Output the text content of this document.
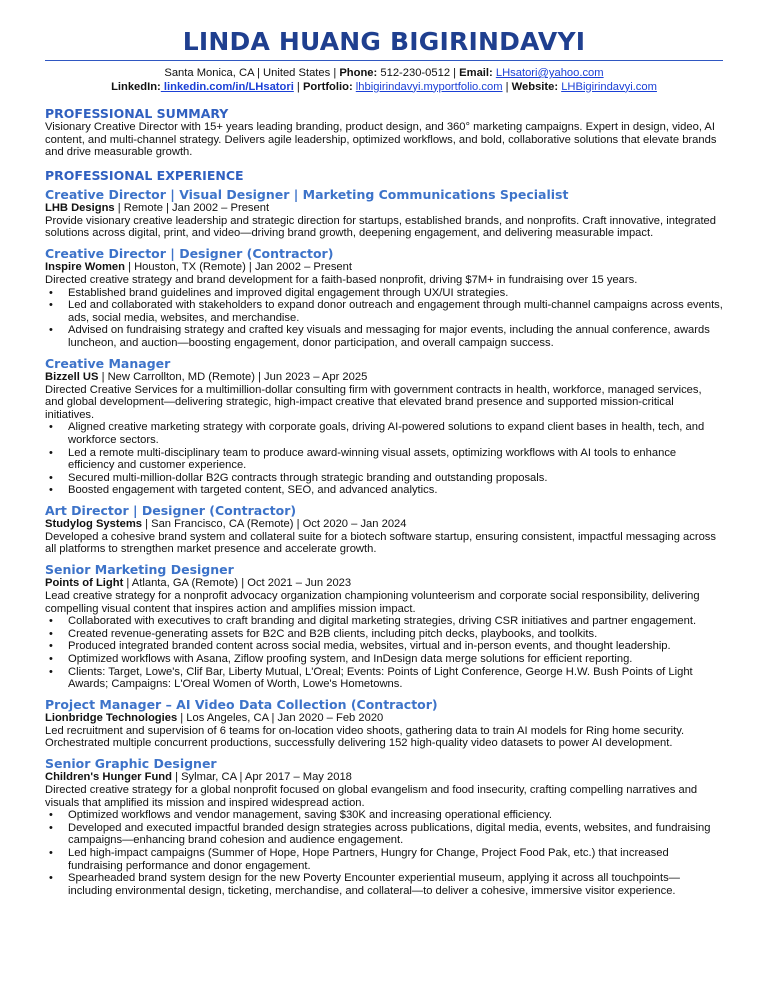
LINDA HUANG BIGIRINDAVYI
Santa Monica, CA | United States | Phone: 512-230-0512 | Email: LHsatori@yahoo.com
LinkedIn: linkedin.com/in/LHsatori | Portfolio: lhbigirindavyi.myportfolio.com | Website: LHBigirindavyi.com
PROFESSIONAL SUMMARY
Visionary Creative Director with 15+ years leading branding, product design, and 360° marketing campaigns. Expert in design, video, AI content, and multi-channel strategy. Delivers agile leadership, optimized workflows, and bold, collaborative solutions that elevate brands and drive measurable growth.
PROFESSIONAL EXPERIENCE
Creative Director | Visual Designer | Marketing Communications Specialist
LHB Designs | Remote | Jan 2002 – Present
Provide visionary creative leadership and strategic direction for startups, established brands, and nonprofits. Craft innovative, integrated solutions across digital, print, and video—driving brand growth, deepening engagement, and delivering measurable impact.
Creative Director | Designer (Contractor)
Inspire Women | Houston, TX (Remote) | Jan 2002 – Present
Directed creative strategy and brand development for a faith-based nonprofit, driving $7M+ in fundraising over 15 years.
• Established brand guidelines and improved digital engagement through UX/UI strategies.
• Led and collaborated with stakeholders to expand donor outreach and engagement through multi-channel campaigns across events, ads, social media, websites, and merchandise.
• Advised on fundraising strategy and crafted key visuals and messaging for major events, including the annual conference, awards luncheon, and auction—boosting engagement, donor participation, and overall campaign success.
Creative Manager
Bizzell US | New Carrollton, MD (Remote) | Jun 2023 – Apr 2025
Directed Creative Services for a multimillion-dollar consulting firm with government contracts in health, workforce, managed services, and global development—delivering strategic, high-impact creative that elevated brand presence and supported mission-critical initiatives.
• Aligned creative marketing strategy with corporate goals, driving AI-powered solutions to expand client bases in health, tech, and workforce sectors.
• Led a remote multi-disciplinary team to produce award-winning visual assets, optimizing workflows with AI tools to enhance efficiency and customer experience.
• Secured multi-million-dollar B2G contracts through strategic branding and outstanding proposals.
• Boosted engagement with targeted content, SEO, and advanced analytics.
Art Director | Designer (Contractor)
Studylog Systems | San Francisco, CA (Remote) | Oct 2020 – Jan 2024
Developed a cohesive brand system and collateral suite for a biotech software startup, ensuring consistent, impactful messaging across all platforms to strengthen market presence and accelerate growth.
Senior Marketing Designer
Points of Light | Atlanta, GA (Remote) | Oct 2021 – Jun 2023
Lead creative strategy for a nonprofit advocacy organization championing volunteerism and corporate social responsibility, delivering compelling visual content that inspires action and amplifies mission impact.
• Collaborated with executives to craft branding and digital marketing strategies, driving CSR initiatives and partner engagement.
• Created revenue-generating assets for B2C and B2B clients, including pitch decks, playbooks, and toolkits.
• Produced integrated branded content across social media, websites, virtual and in-person events, and thought leadership.
• Optimized workflows with Asana, Ziflow proofing system, and InDesign data merge solutions for efficient reporting.
• Clients: Target, Lowe's, Clif Bar, Liberty Mutual, L'Oreal; Events: Points of Light Conference, George H.W. Bush Points of Light Awards; Campaigns: L'Oreal Women of Worth, Lowe's Hometowns.
Project Manager – AI Video Data Collection (Contractor)
Lionbridge Technologies | Los Angeles, CA | Jan 2020 – Feb 2020
Led recruitment and supervision of 6 teams for on-location video shoots, gathering data to train AI models for Ring home security. Orchestrated multiple concurrent productions, successfully delivering 152 high-quality video datasets to power AI development.
Senior Graphic Designer
Children's Hunger Fund | Sylmar, CA | Apr 2017 – May 2018
Directed creative strategy for a global nonprofit focused on global evangelism and food insecurity, crafting compelling narratives and visuals that amplified its mission and inspired widespread action.
• Optimized workflows and vendor management, saving $30K and increasing operational efficiency.
• Developed and executed impactful branded design strategies across publications, digital media, events, websites, and fundraising campaigns—enhancing brand cohesion and audience engagement.
• Led high-impact campaigns (Summer of Hope, Hope Partners, Hungry for Change, Project Food Pak, etc.) that increased fundraising performance and donor engagement.
• Spearheaded brand system design for the new Poverty Encounter experiential museum, applying it across all touchpoints—including environmental design, ticketing, merchandise, and collateral—to deliver a cohesive, immersive visitor experience.
